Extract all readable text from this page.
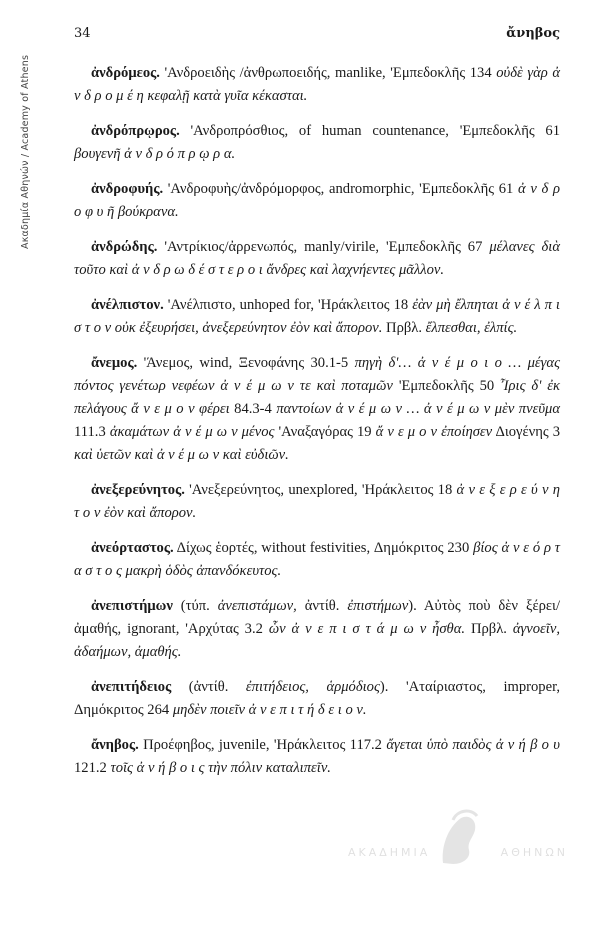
Ακαδημία Αθηνών / Academy of Athens
34	ἄνηβος

ἀνδρόμεος. 'Ανδροειδὴς /ἀνθρωποειδής, manlike, 'Εμπεδοκλῆς 134 οὐδὲ γὰρ ἀ ν δ ρ ο μ έ η κεφαλῇ κατὰ γυῖα κέκασται.

ἀνδρόπρῳρος. 'Ανδροπρόσθιος, of human countenance, 'Εμπεδοκλῆς 61 βουγενῆ ἀ ν δ ρ ό π ρ ῳ ρ α.

ἀνδροφυής. 'Ανδροφυὴς/ἀνδρόμορφος, andromorphic, 'Εμπεδοκλῆς 61 ἀ ν δ ρ ο φ υ ῆ βούκρανα.

ἀνδρώδης. 'Αντρίκιος/ἀρρενωπός, manly/virile, 'Εμπεδοκλῆς 67 μέλανες διὰ τοῦτο καὶ ἀ ν δ ρ ω δ έ σ τ ε ρ ο ι ἄνδρες καὶ λαχνήεντες μᾶλλον.

ἀνέλπιστον. 'Ανέλπιστο, unhoped for, 'Ηράκλειτος 18 ἐὰν μὴ ἔλπηται ἀ ν έ λ π ι σ τ ο ν οὐκ ἐξευρήσει, ἀνεξερεύνητον ἐὸν καὶ ἄπορον. Πρβλ. ἔλπεσθαι, ἐλπίς.

ἄνεμος. 'Άνεμος, wind, Ξενοφάνης 30.1-5 πηγὴ δ'… ἀ ν έ μ ο ι ο … μέγας πόντος γενέτωρ νεφέων ἀ ν έ μ ω ν τε καὶ ποταμῶν 'Εμπεδοκλῆς 50 Ἶρις δ' ἐκ πελάγους ἄ ν ε μ ο ν φέρει 84.3-4 παντοίων ἀ ν έ μ ω ν … ἀ ν έ μ ω ν μὲν πνεῦμα 111.3 ἀκαμάτων ἀ ν έ μ ω ν μένος 'Αναξαγόρας 19 ἄ ν ε μ ο ν ἐποίησεν Διογένης 3 καὶ ὑετῶν καὶ ἀ ν έ μ ω ν καὶ εὐδιῶν.

ἀνεξερεύνητος. 'Ανεξερεύνητος, unexplored, 'Ηράκλειτος 18 ἀ ν ε ξ ε ρ ε ύ ν η τ ο ν ἐὸν καὶ ἄπορον.

ἀνεόρταστος. Δίχως ἑορτές, without festivities, Δημόκριτος 230 βίος ἀ ν ε ό ρ τ α σ τ ο ς μακρὴ ὁδὸς ἀπανδόκευτος.

ἀνεπιστήμων (τύπ. ἀνεπιστάμων, ἀντίθ. ἐπιστήμων). Αὐτὸς ποὺ δὲν ξέρει/ἀμαθής, ignorant, 'Αρχύτας 3.2 ὧν ἀ ν ε π ι σ τ ά μ ω ν ἦσθα. Πρβλ. ἀγνοεῖν, ἀδαήμων, ἀμαθής.

ἀνεπιτήδειος (ἀντίθ. ἐπιτήδειος, ἁρμόδιος). 'Αταίριαστος, improper, Δημόκριτος 264 μηδὲν ποιεῖν ἀ ν ε π ι τ ή δ ε ι ο ν.

ἄνηβος. Προέφηβος, juvenile, 'Ηράκλειτος 117.2 ἄγεται ὑπὸ παιδὸς ἀ ν ή β ο υ 121.2 τοῖς ἀ ν ή β ο ι ς τὴν πόλιν καταλιπεῖν.

ΑΚΑΔΗΜΙΑ	ΑΘΗΝΩΝ
